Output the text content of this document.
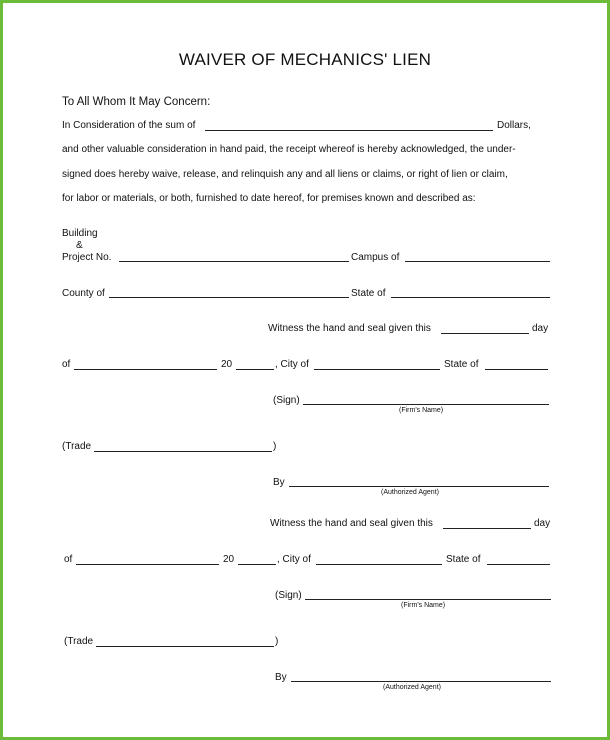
WAIVER OF MECHANICS' LIEN
To All Whom It May Concern:
In Consideration of the sum of	Dollars,
and other valuable consideration in hand paid, the receipt whereof is hereby acknowledged, the under-
signed does hereby waive, release, and relinquish any and all liens or claims, or right of lien or claim,
for labor or materials, or both, furnished to date hereof, for premises known and described as:
Building
&
Project No.	Campus of
County of	State of
Witness the hand and seal given this	day
of	20	, City of	State of
(Sign)
(Firm's Name)
(Trade	)
By
(Authorized Agent)
Witness the hand and seal given this	day
of	20	, City of	State of
(Sign)
(Firm's Name)
(Trade	)
By
(Authorized Agent)
